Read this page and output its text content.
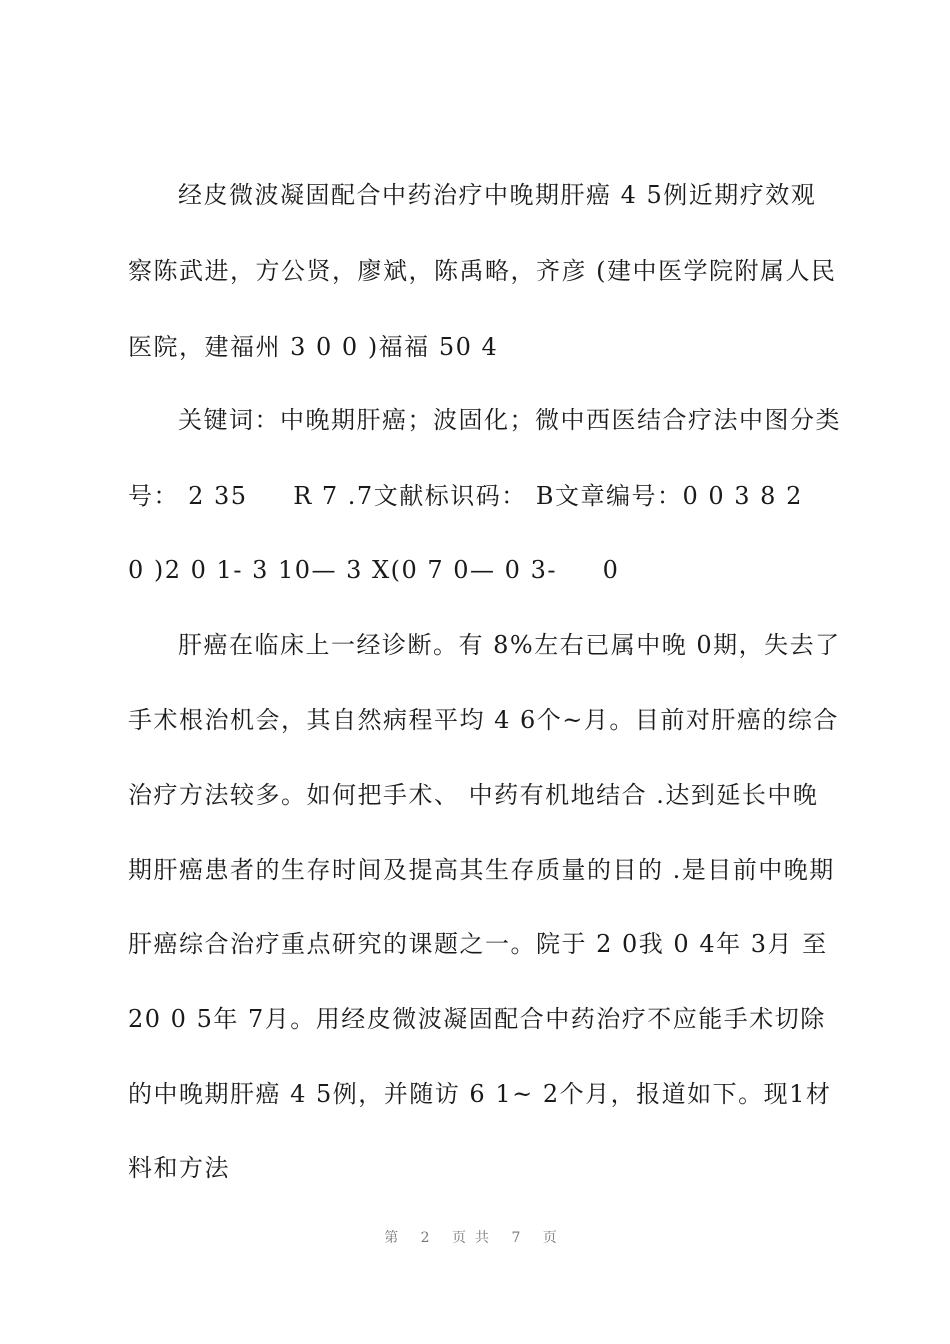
经皮微波凝固配合中药治疗中晚期肝癌 4 5例近期疗效观
察陈武进，方公贤，廖斌，陈禹略，齐彦 (建中医学院附属人民
医院，建福州 3 0 0 )福福 50 4
关键词：中晚期肝癌；波固化；微中西医结合疗法中图分类
号： 2 35     R 7 .7文献标识码： B文章编号：0 0 3 8 2
0 )2 0 1- 3 10— 3 X(0 7 0— 0 3-     0
肝癌在临床上一经诊断。有 8%左右已属中晚 0期，失去了
手术根治机会，其自然病程平均 4 6个~月。目前对肝癌的综合
治疗方法较多。如何把手术、 中药有机地结合 .达到延长中晚
期肝癌患者的生存时间及提高其生存质量的目的 .是目前中晚期
肝癌综合治疗重点研究的课题之一。院于 2 0我 0 4年 3月 至
20 0 5年 7月。用经皮微波凝固配合中药治疗不应能手术切除
的中晚期肝癌 4 5例，并随访 6 1~ 2个月，报道如下。现1材
料和方法
第 2 页共 7 页
